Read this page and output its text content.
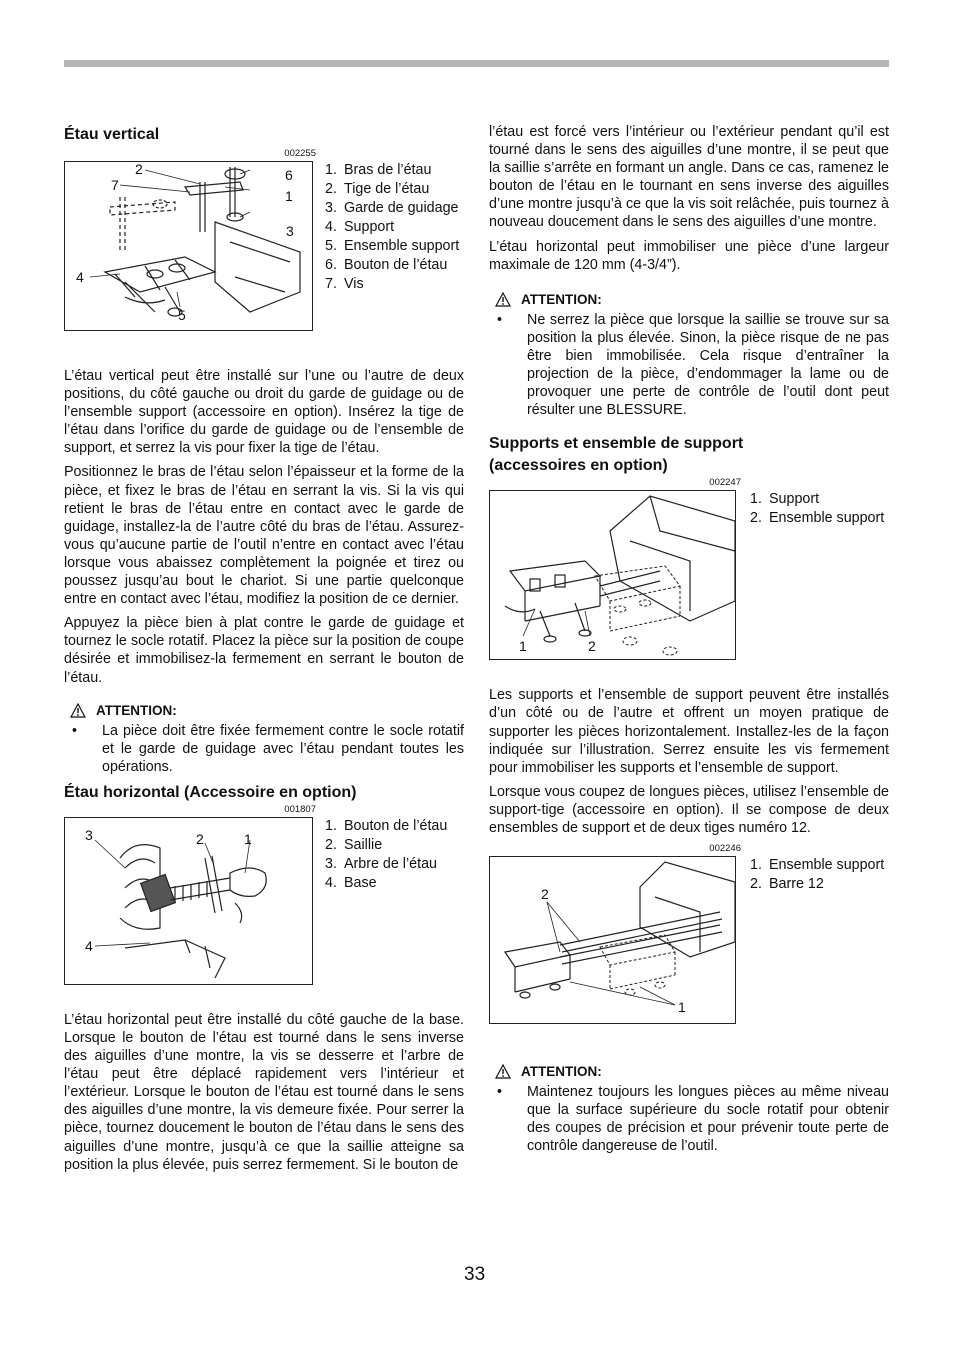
Étau vertical
002255
2
7
6
1
3
4
5
1. Bras de l’étau
2. Tige de l’étau
3. Garde de guidage
4. Support
5. Ensemble support
6. Bouton de l’étau
7. Vis

L’étau vertical peut être installé sur l’une ou l’autre de deux positions, du côté gauche ou droit du garde de guidage ou de l’ensemble support (accessoire en option). Insérez la tige de l’étau dans l’orifice du garde de guidage ou de l’ensemble de support, et serrez la vis pour fixer la tige de l’étau.

Positionnez le bras de l’étau selon l’épaisseur et la forme de la pièce, et fixez le bras de l’étau en serrant la vis. Si la vis qui retient le bras de l’étau entre en contact avec le garde de guidage, installez-la de l’autre côté du bras de l’étau. Assurez-vous qu’aucune partie de l’outil n’entre en contact avec l’étau lorsque vous abaissez complètement la poignée et tirez ou poussez jusqu’au bout le chariot. Si une partie quelconque entre en contact avec l’étau, modifiez la position de ce dernier.

Appuyez la pièce bien à plat contre le garde de guidage et tournez le socle rotatif. Placez la pièce sur la position de coupe désirée et immobilisez-la fermement en serrant le bouton de l’étau.

ATTENTION:
•	La pièce doit être fixée fermement contre le socle rotatif et le garde de guidage avec l’étau pendant toutes les opérations.
Étau horizontal (Accessoire en option)
001807
3	2	1
4
1. Bouton de l’étau
2. Saillie
3. Arbre de l’étau
4. Base

L’étau horizontal peut être installé du côté gauche de la base. Lorsque le bouton de l’étau est tourné dans le sens inverse des aiguilles d’une montre, la vis se desserre et l’arbre de l’étau peut être déplacé rapidement vers l’intérieur et l’extérieur. Lorsque le bouton de l’étau est tourné dans le sens des aiguilles d’une montre, la vis demeure fixée. Pour serrer la pièce, tournez doucement le bouton de l’étau dans le sens des aiguilles d’une montre, jusqu’à ce que la saillie atteigne sa position la plus élevée, puis serrez fermement. Si le bouton de

l’étau est forcé vers l’intérieur ou l’extérieur pendant qu’il est tourné dans le sens des aiguilles d’une montre, il se peut que la saillie s’arrête en formant un angle. Dans ce cas, ramenez le bouton de l’étau en le tournant en sens inverse des aiguilles d’une montre jusqu’à ce que la vis soit relâchée, puis tournez à nouveau doucement dans le sens des aiguilles d’une montre.

L’étau horizontal peut immobiliser une pièce d’une largeur maximale de 120 mm (4-3/4”).

ATTENTION:
•	Ne serrez la pièce que lorsque la saillie se trouve sur sa position la plus élevée. Sinon, la pièce risque de ne pas être bien immobilisée. Cela risque d’entraîner la projection de la pièce, d’endommager la lame ou de provoquer une perte de contrôle de l’outil dont peut résulter une BLESSURE.
Supports et ensemble de support
(accessoires en option)
002247
1	2
1. Support
2. Ensemble support

Les supports et l’ensemble de support peuvent être installés d’un côté ou de l’autre et offrent un moyen pratique de supporter les pièces horizontalement. Installez-les de la façon indiquée sur l’illustration. Serrez ensuite les vis fermement pour immobiliser les supports et l’ensemble de support.

Lorsque vous coupez de longues pièces, utilisez l’ensemble de support-tige (accessoire en option). Il se compose de deux ensembles de support et de deux tiges numéro 12.

002246
2
1
1. Ensemble support
2. Barre 12
ATTENTION:
•	Maintenez toujours les longues pièces au même niveau que la surface supérieure du socle rotatif pour obtenir des coupes de précision et pour prévenir toute perte de contrôle dangereuse de l’outil.
33
